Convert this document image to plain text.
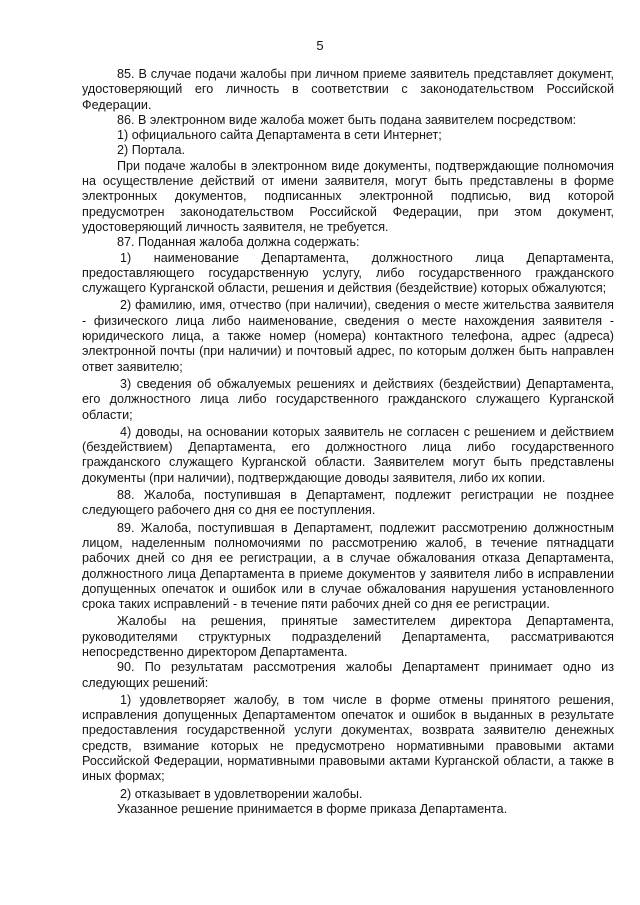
5

85. В случае подачи жалобы при личном приеме заявитель представляет документ, удостоверяющий его личность в соответствии с законодательством Российской Федерации.

86. В электронном виде жалоба может быть подана заявителем посредством:

1) официального сайта Департамента в сети Интернет;

2) Портала.

При подаче жалобы в электронном виде документы, подтверждающие полномочия на осуществление действий от имени заявителя, могут быть представлены в форме электронных документов, подписанных электронной подписью, вид которой предусмотрен законодательством Российской Федерации, при этом документ, удостоверяющий личность заявителя, не требуется.

87. Поданная жалоба должна содержать:

1) наименование Департамента, должностного лица Департамента, предоставляющего государственную услугу, либо государственного гражданского служащего Курганской области, решения и действия (бездействие) которых обжалуются;

2) фамилию, имя, отчество (при наличии), сведения о месте жительства заявителя - физического лица либо наименование, сведения о месте нахождения заявителя - юридического лица, а также номер (номера) контактного телефона, адрес (адреса) электронной почты (при наличии) и почтовый адрес, по которым должен быть направлен ответ заявителю;

3) сведения об обжалуемых решениях и действиях (бездействии) Департамента, его должностного лица либо государственного гражданского служащего Курганской области;

4) доводы, на основании которых заявитель не согласен с решением и действием (бездействием) Департамента, его должностного лица либо государственного гражданского служащего Курганской области. Заявителем могут быть представлены документы (при наличии), подтверждающие доводы заявителя, либо их копии.

88. Жалоба, поступившая в Департамент, подлежит регистрации не позднее следующего рабочего дня со дня ее поступления.

89. Жалоба, поступившая в Департамент, подлежит рассмотрению должностным лицом, наделенным полномочиями по рассмотрению жалоб, в течение пятнадцати рабочих дней со дня ее регистрации, а в случае обжалования отказа Департамента, должностного лица Департамента в приеме документов у заявителя либо в исправлении допущенных опечаток и ошибок или в случае обжалования нарушения установленного срока таких исправлений - в течение пяти рабочих дней со дня ее регистрации.

Жалобы на решения, принятые заместителем директора Департамента, руководителями структурных подразделений Департамента, рассматриваются непосредственно директором Департамента.

90. По результатам рассмотрения жалобы Департамент принимает одно из следующих решений:

1) удовлетворяет жалобу, в том числе в форме отмены принятого решения, исправления допущенных Департаментом опечаток и ошибок в выданных в результате предоставления государственной услуги документах, возврата заявителю денежных средств, взимание которых не предусмотрено нормативными правовыми актами Российской Федерации, нормативными правовыми актами Курганской области, а также в иных формах;

2) отказывает в удовлетворении жалобы.

Указанное решение принимается в форме приказа Департамента.
